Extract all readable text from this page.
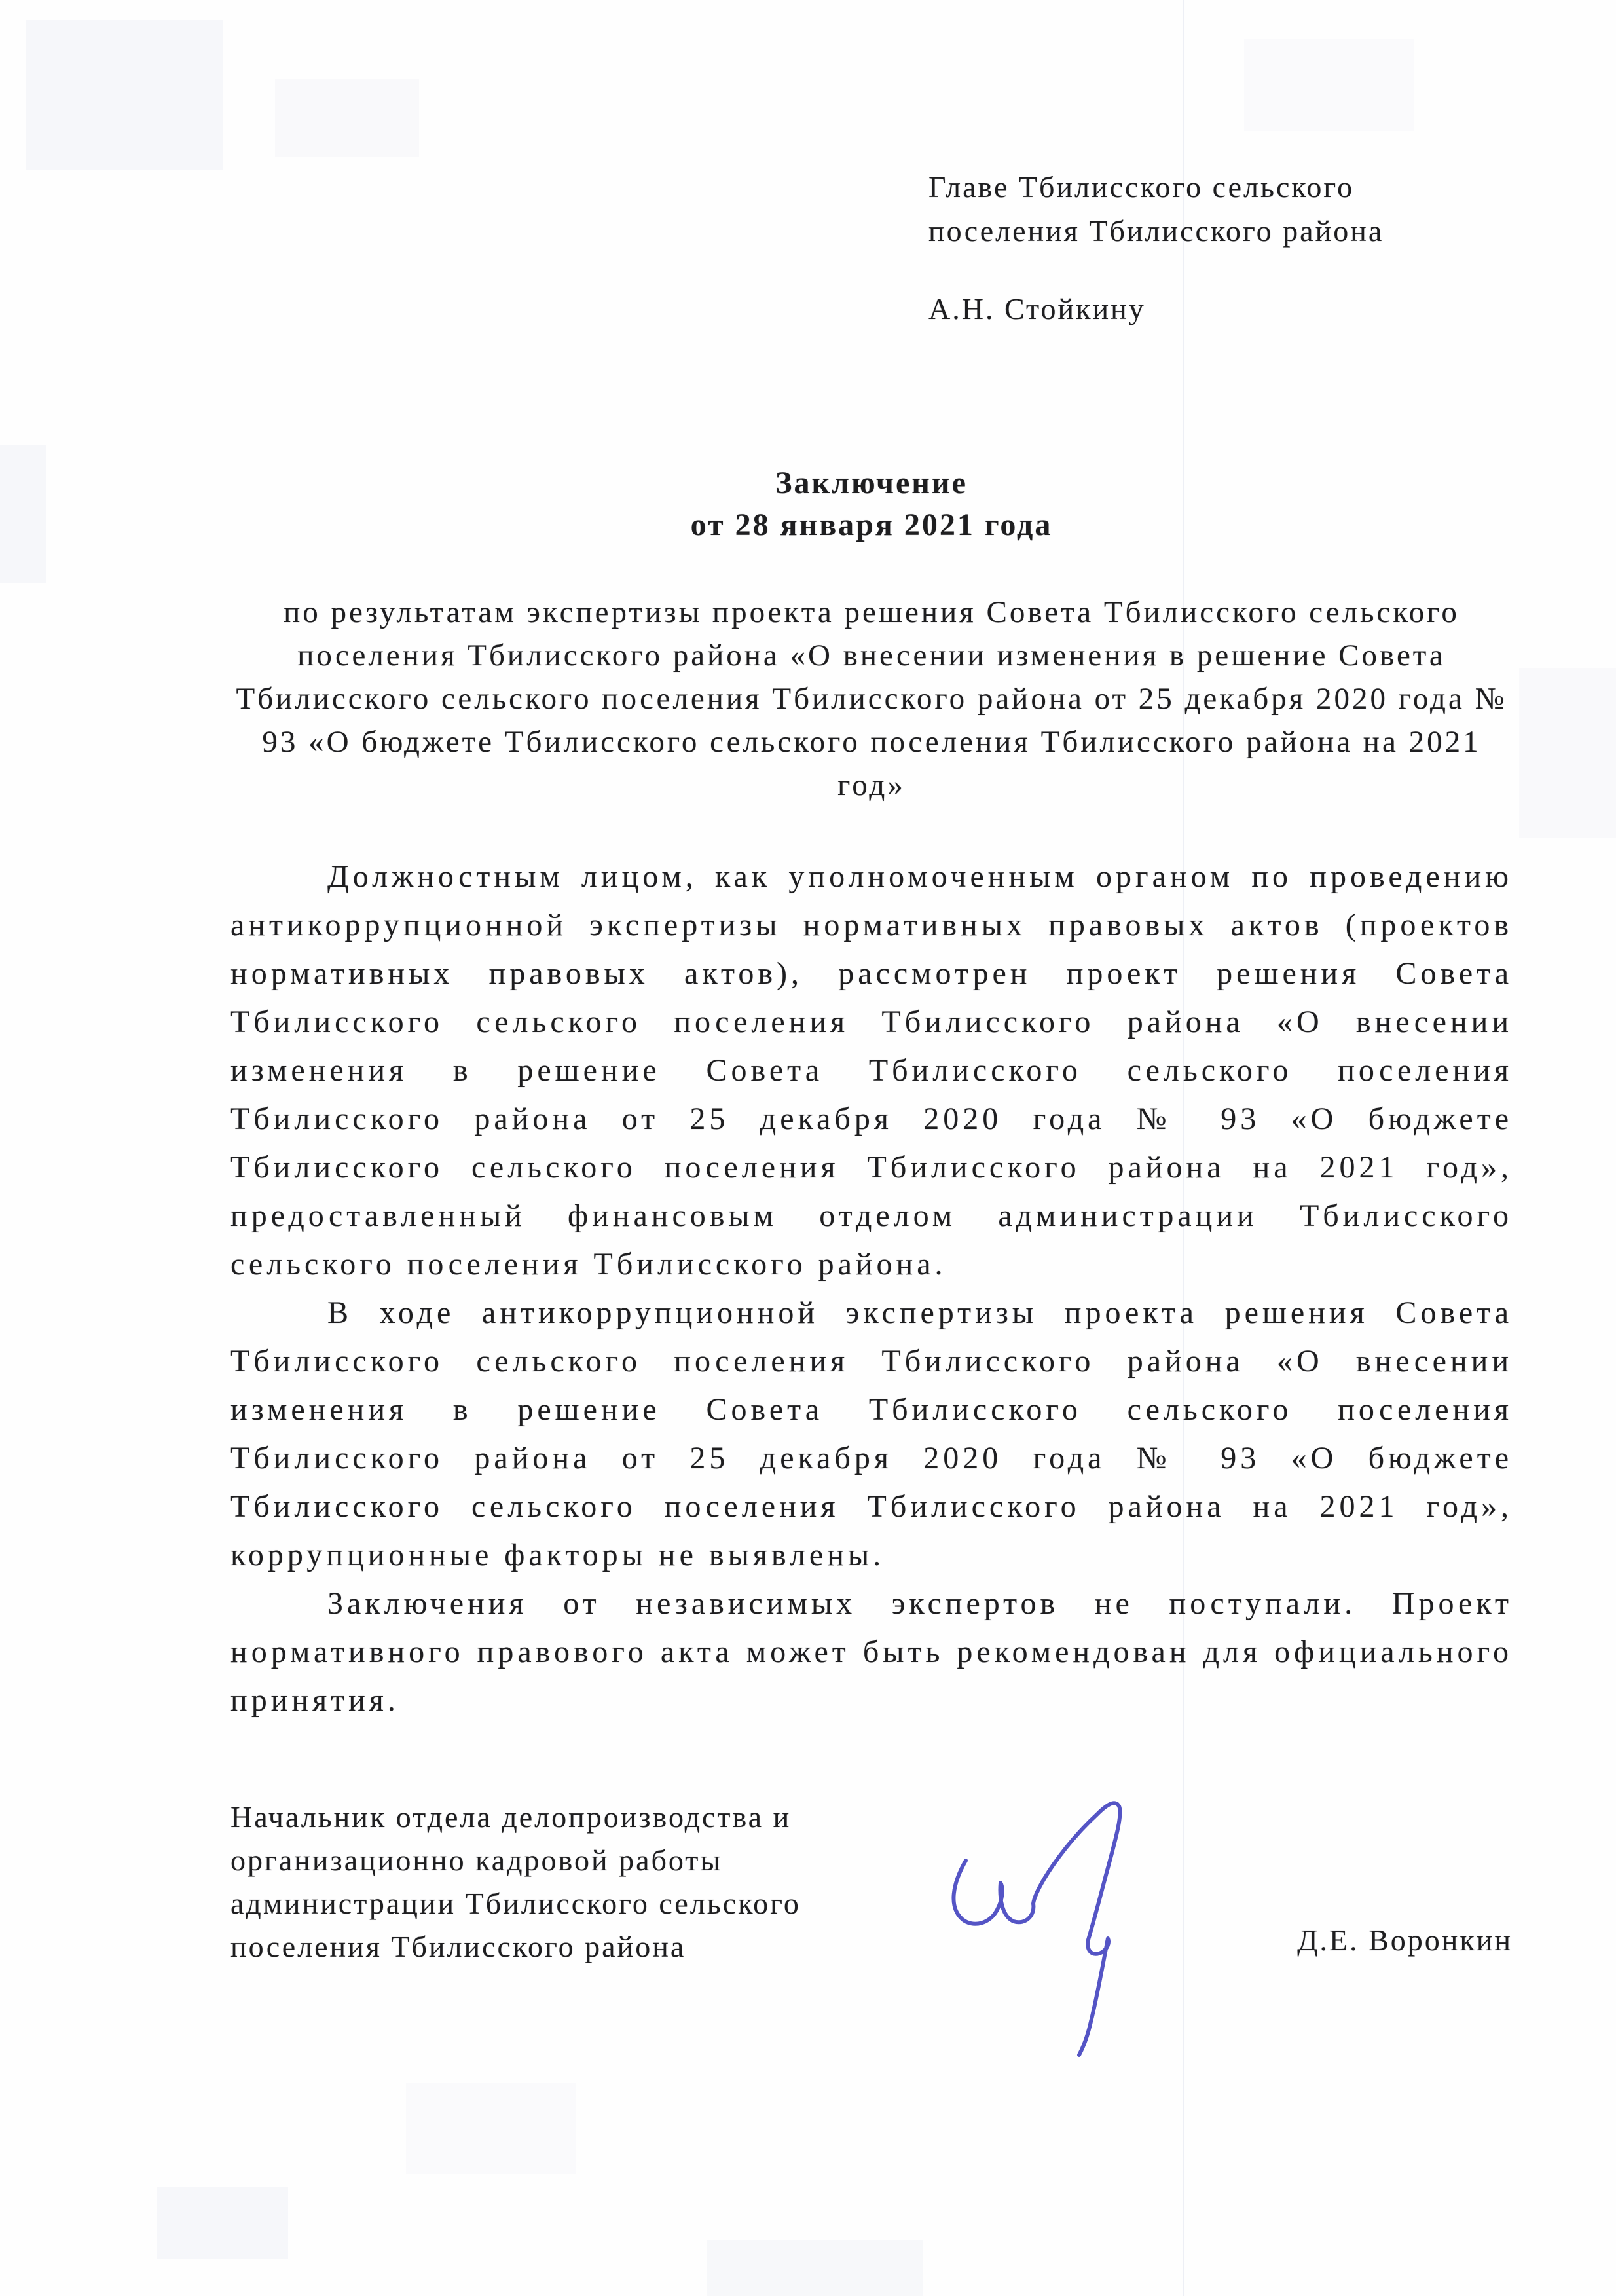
Главе Тбилисского сельского поселения Тбилисского района
А.Н. Стойкину
Заключение
от 28 января 2021 года
по результатам экспертизы проекта решения Совета Тбилисского сельского поселения Тбилисского района «О внесении изменения в решение Совета Тбилисского сельского поселения Тбилисского района от 25 декабря 2020 года № 93 «О бюджете Тбилисского сельского поселения Тбилисского района на 2021 год»

Должностным лицом, как уполномоченным органом по проведению антикоррупционной экспертизы нормативных правовых актов (проектов нормативных правовых актов), рассмотрен проект решения Совета Тбилисского сельского поселения Тбилисского района «О внесении изменения в решение Совета Тбилисского сельского поселения Тбилисского района от 25 декабря 2020 года № 93 «О бюджете Тбилисского сельского поселения Тбилисского района на 2021 год», предоставленный финансовым отделом администрации Тбилисского сельского поселения Тбилисского района.

В ходе антикоррупционной экспертизы проекта решения Совета Тбилисского сельского поселения Тбилисского района «О внесении изменения в решение Совета Тбилисского сельского поселения Тбилисского района от 25 декабря 2020 года № 93 «О бюджете Тбилисского сельского поселения Тбилисского района на 2021 год», коррупционные факторы не выявлены.

Заключения от независимых экспертов не поступали. Проект нормативного правового акта может быть рекомендован для официального принятия.

Начальник отдела делопроизводства и организационно кадровой работы администрации Тбилисского сельского поселения Тбилисского района	Д.Е. Воронкин
